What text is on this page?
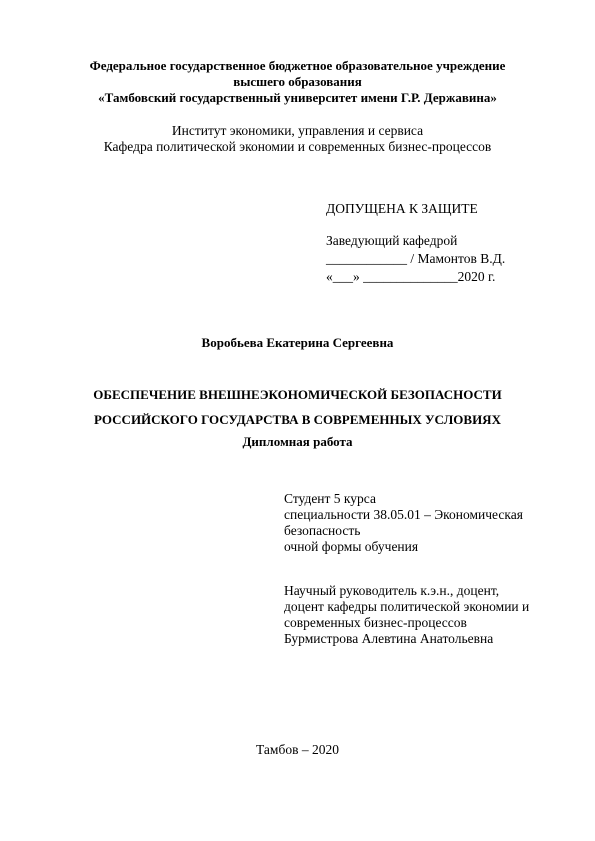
Федеральное государственное бюджетное образовательное учреждение
высшего образования
«Тамбовский государственный университет имени Г.Р. Державина»
Институт экономики, управления и сервиса
Кафедра политической экономии и современных бизнес-процессов
ДОПУЩЕНА К ЗАЩИТЕ
Заведующий кафедрой
____________ / Мамонтов В.Д.
«___» ______________2020 г.
Воробьева Екатерина Сергеевна
ОБЕСПЕЧЕНИЕ ВНЕШНЕЭКОНОМИЧЕСКОЙ БЕЗОПАСНОСТИ
РОССИЙСКОГО ГОСУДАРСТВА В СОВРЕМЕННЫХ УСЛОВИЯХ
Дипломная работа
Студент 5 курса
специальности 38.05.01 – Экономическая
безопасность
очной формы обучения
Научный руководитель к.э.н., доцент,
доцент кафедры политической экономии и
современных бизнес-процессов
Бурмистрова Алевтина Анатольевна
Тамбов – 2020
